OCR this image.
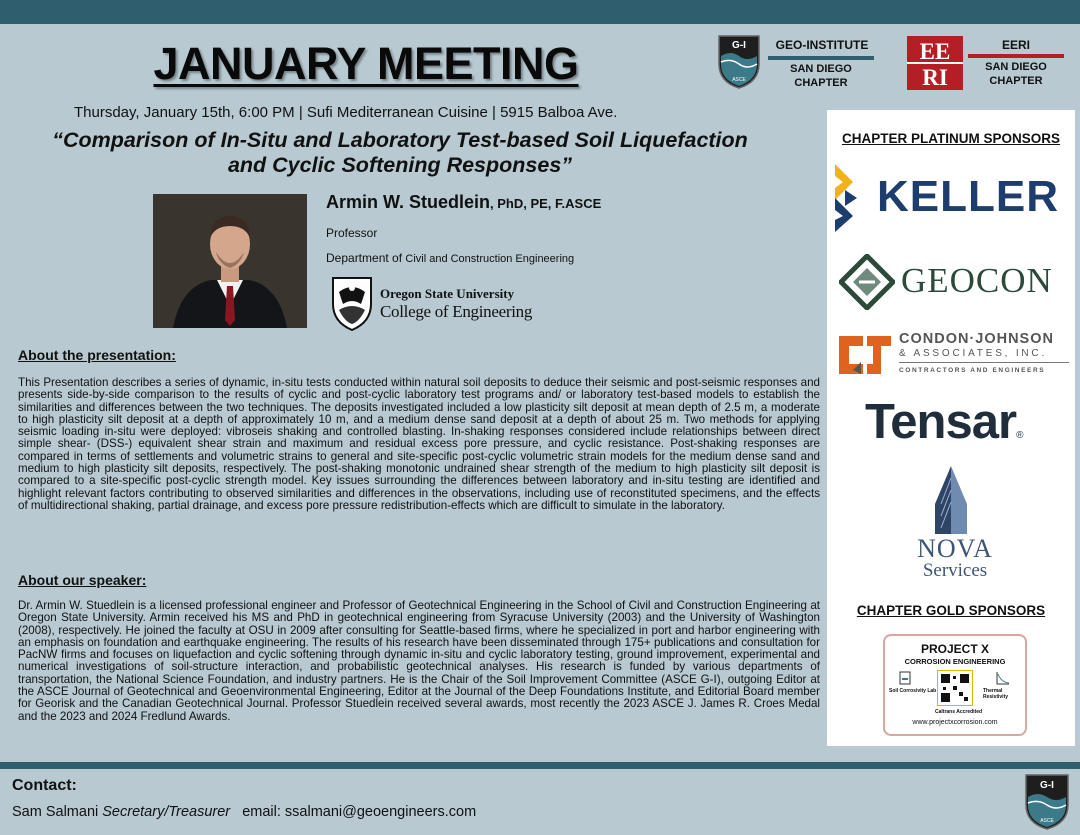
JANUARY MEETING
Thursday, January 15th, 6:00 PM | Sufi Mediterranean Cuisine | 5915 Balboa Ave.
“Comparison of In-Situ and Laboratory Test-based Soil Liquefaction
and Cyclic Softening Responses”
G-I
ASCE
GEO-INSTITUTE
SAN DIEGO
CHAPTER
EE
RI
EERI
SAN DIEGO
CHAPTER
Armin W. Stuedlein, PhD, PE, F.ASCE
Professor
Department of Civil and Construction Engineering
Oregon State University
College of Engineering
About the presentation:
This Presentation describes a series of dynamic, in-situ tests conducted within natural soil deposits to deduce their seismic and post-seismic responses and presents side-by-side comparison to the results of cyclic and post-cyclic laboratory test programs and/ or laboratory test-based models to establish the similarities and differences between the two techniques. The deposits investigated included a low plasticity silt deposit at mean depth of 2.5 m, a moderate to high plasticity silt deposit at a depth of approximately 10 m, and a medium dense sand deposit at a depth of about 25 m. Two methods for applying seismic loading in-situ were deployed: vibroseis shaking and controlled blasting. In-shaking responses considered include relationships between direct simple shear- (DSS-) equivalent shear strain and maximum and residual excess pore pressure, and cyclic resistance. Post-shaking responses are compared in terms of settlements and volumetric strains to general and site-specific post-cyclic volumetric strain models for the medium dense sand and medium to high plasticity silt deposits, respectively. The post-shaking monotonic undrained shear strength of the medium to high plasticity silt deposit is compared to a site-specific post-cyclic strength model. Key issues surrounding the differences between laboratory and in-situ testing are identified and highlight relevant factors contributing to observed similarities and differences in the observations, including use of reconstituted specimens, and the effects of multidirectional shaking, partial drainage, and excess pore pressure redistribution-effects which are difficult to simulate in the laboratory.
About our speaker:
Dr. Armin W. Stuedlein is a licensed professional engineer and Professor of Geotechnical Engineering in the School of Civil and Construction Engineering at Oregon State University. Armin received his MS and PhD in geotechnical engineering from Syracuse University (2003) and the University of Washington (2008), respectively. He joined the faculty at OSU in 2009 after consulting for Seattle-based firms, where he specialized in port and harbor engineering with an emphasis on foundation and earthquake engineering. The results of his research have been disseminated through 175+ publications and consultation for PacNW firms and focuses on liquefaction and cyclic softening through dynamic in-situ and cyclic laboratory testing, ground improvement, experimental and numerical investigations of soil-structure interaction, and probabilistic geotechnical analyses. His research is funded by various departments of transportation, the National Science Foundation, and industry partners. He is the Chair of the Soil Improvement Committee (ASCE G-I), outgoing Editor at the ASCE Journal of Geotechnical and Geoenvironmental Engineering, Editor at the Journal of the Deep Foundations Institute, and Editorial Board member for Georisk and the Canadian Geotechnical Journal. Professor Stuedlein received several awards, most recently the 2023 ASCE J. James R. Croes Medal and the 2023 and 2024 Fredlund Awards.
CHAPTER PLATINUM SPONSORS
KELLER
GEOCON
CONDON·JOHNSON
& ASSOCIATES, INC.
CONTRACTORS AND ENGINEERS
Tensar®
NOVA
Services
CHAPTER GOLD SPONSORS
PROJECT X
CORROSION ENGINEERING
Soil Corrosivity Lab
Caltrans Accredited
Thermal Resistivity
www.projectxcorrosion.com
Contact:
Sam Salmani Secretary/Treasurer email: ssalmani@geoengineers.com
G-I
ASCE
